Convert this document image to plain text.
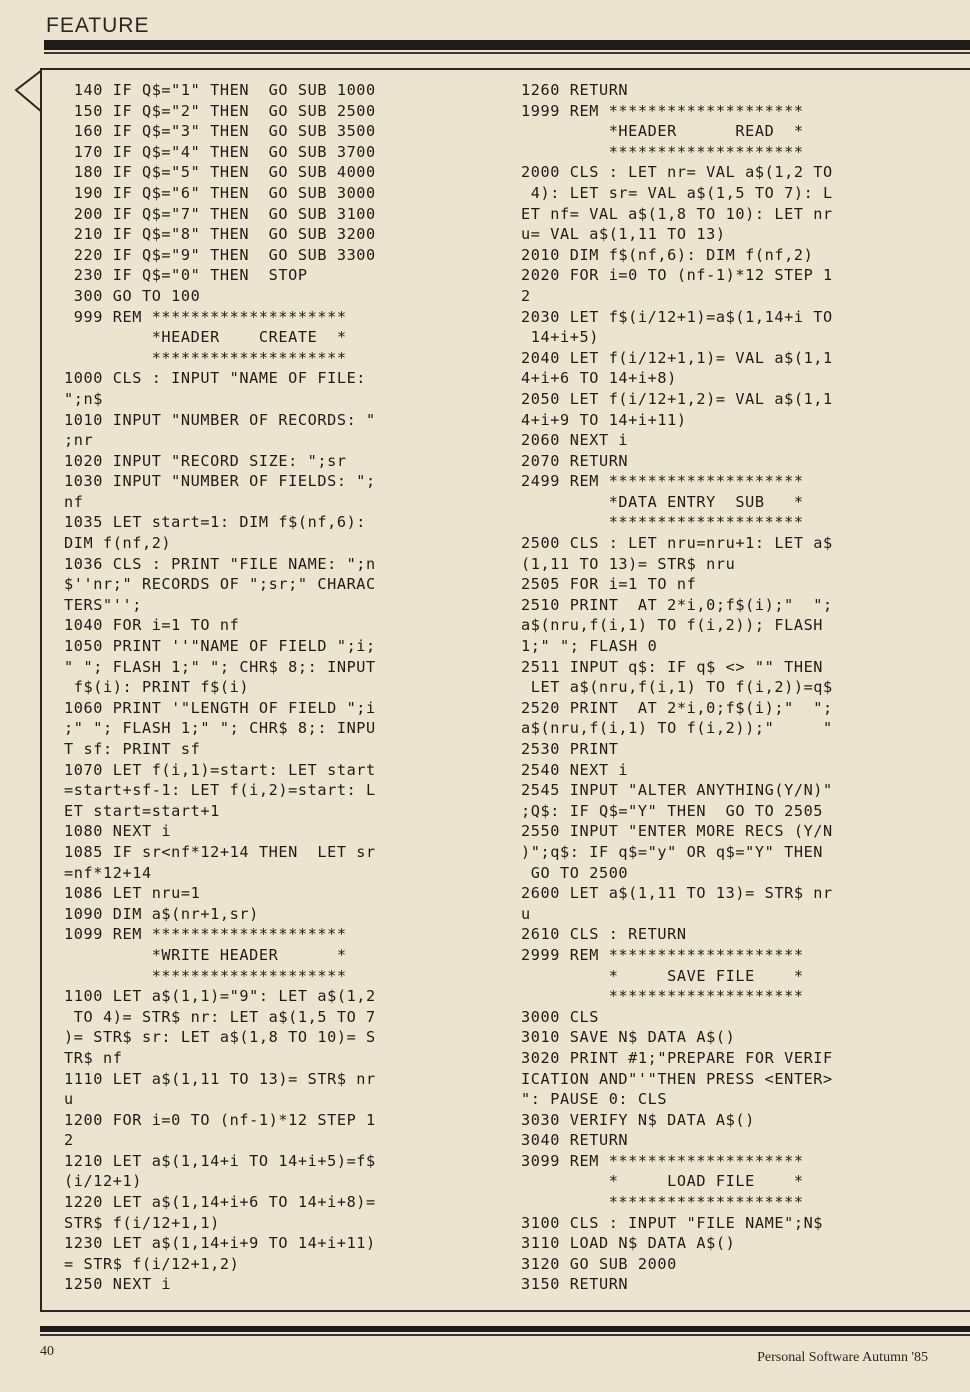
FEATURE
140 IF Q$="1" THEN  GO SUB 1000
150 IF Q$="2" THEN  GO SUB 2500
160 IF Q$="3" THEN  GO SUB 3500
170 IF Q$="4" THEN  GO SUB 3700
180 IF Q$="5" THEN  GO SUB 4000
190 IF Q$="6" THEN  GO SUB 3000
200 IF Q$="7" THEN  GO SUB 3100
210 IF Q$="8" THEN  GO SUB 3200
220 IF Q$="9" THEN  GO SUB 3300
230 IF Q$="0" THEN  STOP
300 GO TO 100
999 REM ********************
*HEADER    CREATE  *
********************
1000 CLS : INPUT "NAME OF FILE:
";n$
1010 INPUT "NUMBER OF RECORDS: "
;nr
1020 INPUT "RECORD SIZE: ";sr
1030 INPUT "NUMBER OF FIELDS: ";
nf
1035 LET start=1: DIM f$(nf,6):
DIM f(nf,2)
1036 CLS : PRINT "FILE NAME: ";n
$''nr;" RECORDS OF ";sr;" CHARAC
TERS"'';
1040 FOR i=1 TO nf
1050 PRINT ''"NAME OF FIELD ";i;
" "; FLASH 1;" "; CHR$ 8;: INPUT
f$(i): PRINT f$(i)
1060 PRINT '"LENGTH OF FIELD ";i
;" "; FLASH 1;" "; CHR$ 8;: INPU
T sf: PRINT sf
1070 LET f(i,1)=start: LET start
=start+sf-1: LET f(i,2)=start: L
ET start=start+1
1080 NEXT i
1085 IF sr<nf*12+14 THEN  LET sr
=nf*12+14
1086 LET nru=1
1090 DIM a$(nr+1,sr)
1099 REM ********************
*WRITE HEADER      *
********************
1100 LET a$(1,1)="9": LET a$(1,2
TO 4)= STR$ nr: LET a$(1,5 TO 7
)= STR$ sr: LET a$(1,8 TO 10)= S
TR$ nf
1110 LET a$(1,11 TO 13)= STR$ nr
u
1200 FOR i=0 TO (nf-1)*12 STEP 1
2
1210 LET a$(1,14+i TO 14+i+5)=f$
(i/12+1)
1220 LET a$(1,14+i+6 TO 14+i+8)=
STR$ f(i/12+1,1)
1230 LET a$(1,14+i+9 TO 14+i+11)
= STR$ f(i/12+1,2)
1250 NEXT i
1260 RETURN
1999 REM ********************
*HEADER      READ  *
********************
2000 CLS : LET nr= VAL a$(1,2 TO
4): LET sr= VAL a$(1,5 TO 7): L
ET nf= VAL a$(1,8 TO 10): LET nr
u= VAL a$(1,11 TO 13)
2010 DIM f$(nf,6): DIM f(nf,2)
2020 FOR i=0 TO (nf-1)*12 STEP 1
2
2030 LET f$(i/12+1)=a$(1,14+i TO
14+i+5)
2040 LET f(i/12+1,1)= VAL a$(1,1
4+i+6 TO 14+i+8)
2050 LET f(i/12+1,2)= VAL a$(1,1
4+i+9 TO 14+i+11)
2060 NEXT i
2070 RETURN
2499 REM ********************
*DATA ENTRY  SUB   *
********************
2500 CLS : LET nru=nru+1: LET a$
(1,11 TO 13)= STR$ nru
2505 FOR i=1 TO nf
2510 PRINT  AT 2*i,0;f$(i);"  ";
a$(nru,f(i,1) TO f(i,2)); FLASH
1;" "; FLASH 0
2511 INPUT q$: IF q$ <> "" THEN
LET a$(nru,f(i,1) TO f(i,2))=q$
2520 PRINT  AT 2*i,0;f$(i);"  ";
a$(nru,f(i,1) TO f(i,2));"     "
2530 PRINT
2540 NEXT i
2545 INPUT "ALTER ANYTHING(Y/N)"
;Q$: IF Q$="Y" THEN  GO TO 2505
2550 INPUT "ENTER MORE RECS (Y/N
)";q$: IF q$="y" OR q$="Y" THEN
GO TO 2500
2600 LET a$(1,11 TO 13)= STR$ nr
u
2610 CLS : RETURN
2999 REM ********************
*     SAVE FILE    *
********************
3000 CLS
3010 SAVE N$ DATA A$()
3020 PRINT #1;"PREPARE FOR VERIF
ICATION AND"'"THEN PRESS <ENTER>
": PAUSE 0: CLS
3030 VERIFY N$ DATA A$()
3040 RETURN
3099 REM ********************
*     LOAD FILE    *
********************
3100 CLS : INPUT "FILE NAME";N$
3110 LOAD N$ DATA A$()
3120 GO SUB 2000
3150 RETURN
40	Personal Software Autumn '85
